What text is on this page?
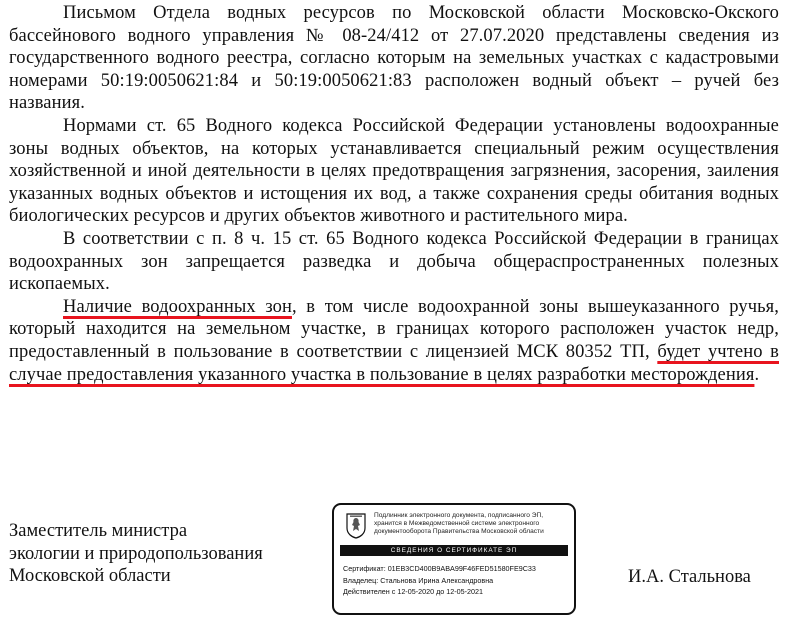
Письмом Отдела водных ресурсов по Московской области Московско-Окского бассейнового водного управления № 08-24/412 от 27.07.2020 представлены сведения из государственного водного реестра, согласно которым на земельных участках с кадастровыми номерами 50:19:0050621:84 и 50:19:0050621:83 расположен водный объект – ручей без названия.

Нормами ст. 65 Водного кодекса Российской Федерации установлены водоохранные зоны водных объектов, на которых устанавливается специальный режим осуществления хозяйственной и иной деятельности в целях предотвращения загрязнения, засорения, заиления указанных водных объектов и истощения их вод, а также сохранения среды обитания водных биологических ресурсов и других объектов животного и растительного мира.

В соответствии с п. 8 ч. 15 ст. 65 Водного кодекса Российской Федерации в границах водоохранных зон запрещается разведка и добыча общераспространенных полезных ископаемых.

Наличие водоохранных зон, в том числе водоохранной зоны вышеуказанного ручья, который находится на земельном участке, в границах которого расположен участок недр, предоставленный в пользование в соответствии с лицензией МСК 80352 ТП, будет учтено в случае предоставления указанного участка в пользование в целях разработки месторождения.

Заместитель министра
экологии и природопользования
Московской области
Подлинник электронного документа, подписанного ЭП,
хранится в Межведомственной системе электронного
документооборота Правительства Московской области
СВЕДЕНИЯ О СЕРТИФИКАТЕ ЭП
Сертификат: 01EB3CD400B9ABA99F46FED51580FE9C33
Владелец: Стальнова Ирина Александровна
Действителен с 12-05-2020 до 12-05-2021
И.А. Стальнова
